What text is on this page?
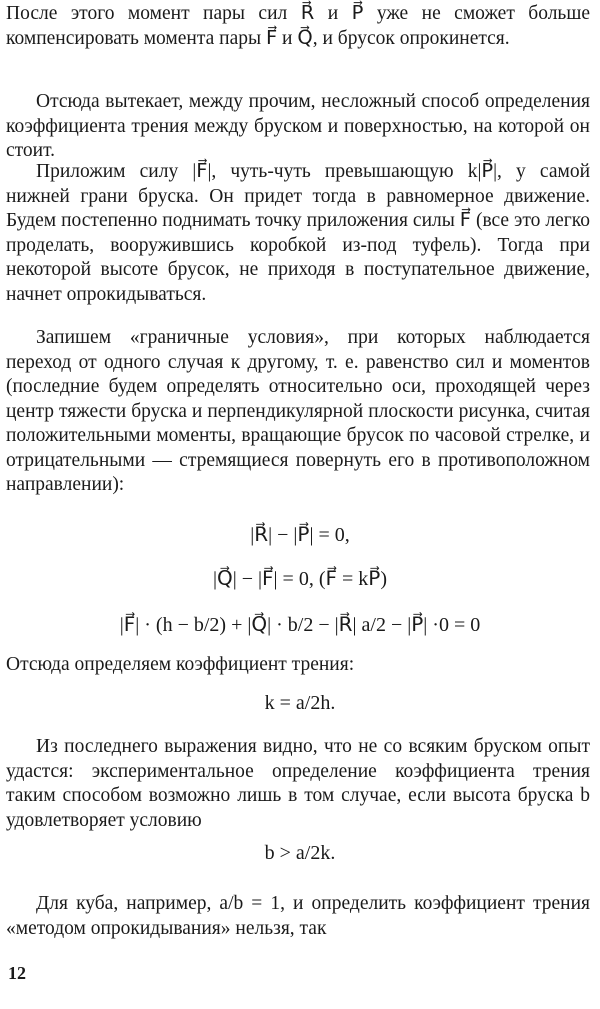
После этого момент пары сил R⃗ и P⃗ уже не сможет больше компенсировать момента пары F⃗ и Q⃗, и брусок опрокинется.

Отсюда вытекает, между прочим, несложный способ определения коэффициента трения между бруском и поверхностью, на которой он стоит.

Приложим силу |F⃗|, чуть-чуть превышающую k|P⃗|, у самой нижней грани бруска. Он придет тогда в равномерное движение. Будем постепенно поднимать точку приложения силы F⃗ (все это легко проделать, вооружившись коробкой из-под туфель). Тогда при некоторой высоте брусок, не приходя в поступательное движение, начнет опрокидываться.

Запишем «граничные условия», при которых наблюдается переход от одного случая к другому, т. е. равенство сил и моментов (последние будем определять относительно оси, проходящей через центр тяжести бруска и перпендикулярной плоскости рисунка, считая положительными моменты, вращающие брусок по часовой стрелке, и отрицательными — стремящиеся повернуть его в противоположном направлении):

|R⃗| − |P⃗| = 0,
|Q⃗| − |F⃗| = 0, (F⃗ = kP⃗)
|F⃗| · (h − b/2) + |Q⃗| · b/2 − |R⃗| a/2 − |P⃗| ·0 = 0

Отсюда определяем коэффициент трения:

k = a/2h.

Из последнего выражения видно, что не со всяким бруском опыт удастся: экспериментальное определение коэффициента трения таким способом возможно лишь в том случае, если высота бруска b удовлетворяет условию

b > a/2k.

Для куба, например, a/b = 1, и определить коэффициент трения «методом опрокидывания» нельзя, так

12
